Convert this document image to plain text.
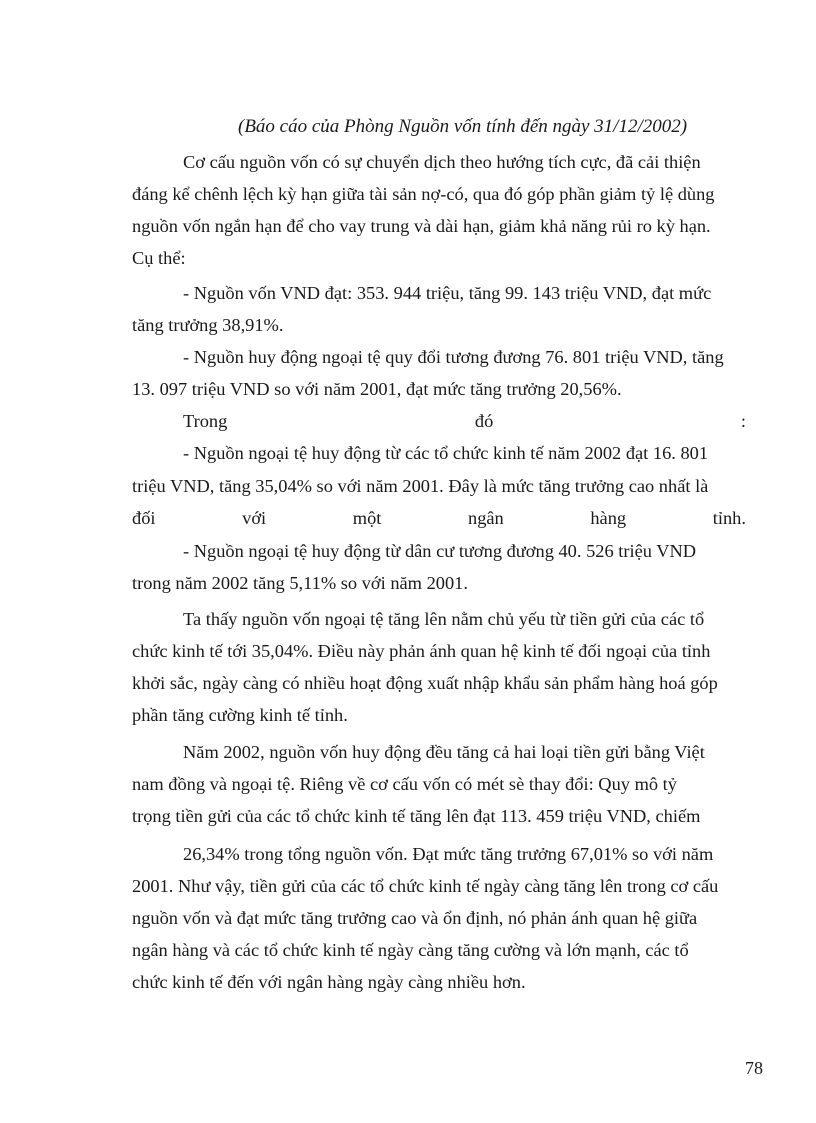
(Báo cáo của Phòng Nguồn vốn tính đến ngày 31/12/2002)
Cơ cấu nguồn vốn có sự chuyển dịch theo hướng tích cực, đã cải thiện
đáng kể chênh lệch kỳ hạn giữa tài sản nợ-có, qua đó góp phần giảm tỷ lệ dùng
nguồn vốn ngắn hạn để cho vay trung và dài hạn, giảm khả năng rủi ro kỳ hạn.
Cụ thể:
- Nguồn vốn VND đạt: 353. 944 triệu, tăng 99. 143 triệu VND, đạt mức
tăng trưởng 38,91%.
- Nguồn huy động ngoại tệ quy đổi tương đương 76. 801 triệu VND, tăng
13. 097 triệu VND so với năm 2001, đạt mức tăng trưởng 20,56%.
Trong	đó	:
- Nguồn ngoại tệ huy động từ các tổ chức kinh tế năm 2002 đạt 16. 801
triệu VND, tăng 35,04% so với năm 2001. Đây là mức tăng trưởng cao nhất là
đối	với	một	ngân	hàng	tỉnh.
- Nguồn ngoại tệ huy động từ dân cư tương đương 40. 526 triệu VND
trong năm 2002 tăng 5,11% so với năm 2001.
Ta thấy nguồn vốn ngoại tệ tăng lên nằm chủ yếu từ tiền gửi của các tổ
chức kinh tế tới 35,04%. Điều này phản ánh quan hệ kinh tế đối ngoại của tỉnh
khởi sắc, ngày càng có nhiều hoạt động xuất nhập khẩu sản phẩm hàng hoá góp
phần tăng cường kinh tế tỉnh.
Năm 2002, nguồn vốn huy động đều tăng cả hai loại tiền gửi bằng Việt
nam đồng và ngoại tệ. Riêng về cơ cấu vốn có mét sè thay đổi: Quy mô tỷ
trọng tiền gửi của các tổ chức kinh tế tăng lên đạt 113. 459 triệu VND, chiếm
26,34% trong tổng nguồn vốn. Đạt mức tăng trưởng 67,01% so với năm
2001. Như vậy, tiền gửi của các tổ chức kinh tế ngày càng tăng lên trong cơ cấu
nguồn vốn và đạt mức tăng trưởng cao và ổn định, nó phản ánh quan hệ giữa
ngân hàng và các tổ chức kinh tế ngày càng tăng cường và lớn mạnh, các tổ
chức kinh tế đến với ngân hàng ngày càng nhiều hơn.
78
